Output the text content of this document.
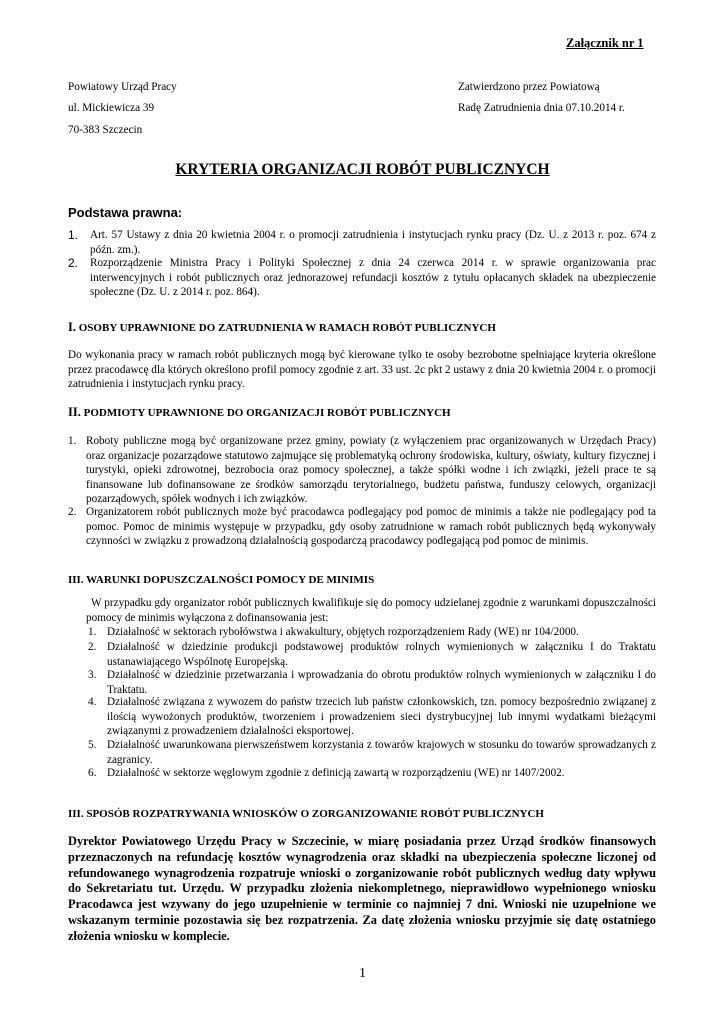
Załącznik nr 1
Powiatowy Urząd Pracy
ul. Mickiewicza 39
70-383 Szczecin
Zatwierdzono przez Powiatową
Radę Zatrudnienia dnia 07.10.2014 r.
KRYTERIA ORGANIZACJI ROBÓT PUBLICZNYCH
Podstawa prawna:
1. Art. 57 Ustawy z dnia 20 kwietnia 2004 r. o promocji zatrudnienia i instytucjach rynku pracy (Dz. U. z 2013 r. poz. 674 z późn. zm.).
2. Rozporządzenie Ministra Pracy i Polityki Społecznej z dnia 24 czerwca 2014 r. w sprawie organizowania prac interwencyjnych i robót publicznych oraz jednorazowej refundacji kosztów z tytułu opłacanych składek na ubezpieczenie społeczne (Dz. U. z 2014 r. poz. 864).
I. OSOBY UPRAWNIONE DO ZATRUDNIENIA W RAMACH ROBÓT PUBLICZNYCH
Do wykonania pracy w ramach robót publicznych mogą być kierowane tylko te osoby bezrobotne spełniające kryteria określone przez pracodawcę dla których określono profil pomocy zgodnie z art. 33 ust. 2c pkt 2 ustawy z dnia 20 kwietnia 2004 r. o promocji zatrudnienia i instytucjach rynku pracy.
II. PODMIOTY UPRAWNIONE DO ORGANIZACJI ROBÓT PUBLICZNYCH
1. Roboty publiczne mogą być organizowane przez gminy, powiaty (z wyłączeniem prac organizowanych w Urzędach Pracy) oraz organizacje pozarządowe statutowo zajmujące się problematyką ochrony środowiska, kultury, oświaty, kultury fizycznej i turystyki, opieki zdrowotnej, bezrobocia oraz pomocy społecznej, a także spółki wodne i ich związki, jeżeli prace te są finansowane lub dofinansowane ze środków samorządu terytorialnego, budżetu państwa, funduszy celowych, organizacji pozarządowych, spółek wodnych i ich związków.
2. Organizatorem robót publicznych może być pracodawca podlegający pod pomoc de minimis a także nie podlegający pod ta pomoc. Pomoc de minimis występuje w przypadku, gdy osoby zatrudnione w ramach robót publicznych będą wykonywały czynności w związku z prowadzoną działalnością gospodarczą pracodawcy podlegającą pod pomoc de minimis.
III. WARUNKI DOPUSZCZALNOŚCI POMOCY DE MINIMIS
W przypadku gdy organizator robót publicznych kwalifikuje się do pomocy udzielanej zgodnie z warunkami dopuszczalności pomocy de minimis wyłączona z dofinansowania jest:
1. Działalność w sektorach rybołówstwa i akwakultury, objętych rozporządzeniem Rady (WE) nr 104/2000.
2. Działalność w dziedzinie produkcji podstawowej produktów rolnych wymienionych w załączniku I do Traktatu ustanawiającego Wspólnotę Europejską.
3. Działalność w dziedzinie przetwarzania i wprowadzania do obrotu produktów rolnych wymienionych w załączniku I do Traktatu.
4. Działalność związana z wywozem do państw trzecich lub państw członkowskich, tzn. pomocy bezpośrednio związanej z ilością wywożonych produktów, tworzeniem i prowadzeniem sieci dystrybucyjnej lub innymi wydatkami bieżącymi związanymi z prowadzeniem działalności eksportowej.
5. Działalność uwarunkowana pierwszeństwem korzystania z towarów krajowych w stosunku do towarów sprowadzanych z zagranicy.
6. Działalność w sektorze węglowym zgodnie z definicją zawartą w rozporządzeniu (WE) nr 1407/2002.
III. SPOSÓB ROZPATRYWANIA WNIOSKÓW O ZORGANIZOWANIE ROBÓT PUBLICZNYCH
Dyrektor Powiatowego Urzędu Pracy w Szczecinie, w miarę posiadania przez Urząd środków finansowych przeznaczonych na refundację kosztów wynagrodzenia oraz składki na ubezpieczenia społeczne liczonej od refundowanego wynagrodzenia rozpatruje wnioski o zorganizowanie robót publicznych według daty wpływu do Sekretariatu tut. Urzędu. W przypadku złożenia niekompletnego, nieprawidłowo wypełnionego wniosku Pracodawca jest wzywany do jego uzupełnienie w terminie co najmniej 7 dni. Wnioski nie uzupełnione we wskazanym terminie pozostawia się bez rozpatrzenia. Za datę złożenia wniosku przyjmie się datę ostatniego złożenia wniosku w komplecie.
1
